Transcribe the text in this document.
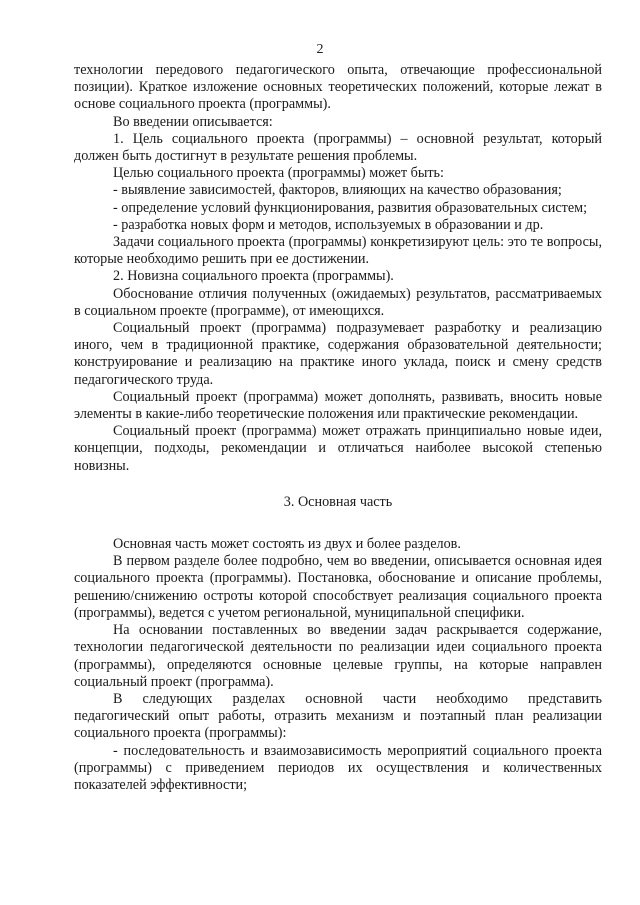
2

технологии передового педагогического опыта, отвечающие профессиональной позиции). Краткое изложение основных теоретических положений, которые лежат в основе социального проекта (программы).

Во введении описывается:

1. Цель социального проекта (программы) – основной результат, который должен быть достигнут в результате решения проблемы.

Целью социального проекта (программы) может быть:

- выявление зависимостей, факторов, влияющих на качество образования;

- определение условий функционирования, развития образовательных систем;

- разработка новых форм и методов, используемых в образовании и др.

Задачи социального проекта (программы) конкретизируют цель: это те вопросы, которые необходимо решить при ее достижении.

2. Новизна социального проекта (программы).

Обоснование отличия полученных (ожидаемых) результатов, рассматриваемых в социальном проекте (программе), от имеющихся.

Социальный проект (программа) подразумевает разработку и реализацию иного, чем в традиционной практике, содержания образовательной деятельности; конструирование и реализацию на практике иного уклада, поиск и смену средств педагогического труда.

Социальный проект (программа) может дополнять, развивать, вносить новые элементы в какие-либо теоретические положения или практические рекомендации.

Социальный проект (программа) может отражать принципиально новые идеи, концепции, подходы, рекомендации и отличаться наиболее высокой степенью новизны.

3. Основная часть

Основная часть может состоять из двух и более разделов.

В первом разделе более подробно, чем во введении, описывается основная идея социального проекта (программы). Постановка, обоснование и описание проблемы, решению/снижению остроты которой способствует реализация социального проекта (программы), ведется с учетом региональной, муниципальной специфики.

На основании поставленных во введении задач раскрывается содержание, технологии педагогической деятельности по реализации идеи социального проекта (программы), определяются основные целевые группы, на которые направлен социальный проект (программа).

В следующих разделах основной части необходимо представить педагогический опыт работы, отразить механизм и поэтапный план реализации социального проекта (программы):

- последовательность и взаимозависимость мероприятий социального проекта (программы) с приведением периодов их осуществления и количественных показателей эффективности;
